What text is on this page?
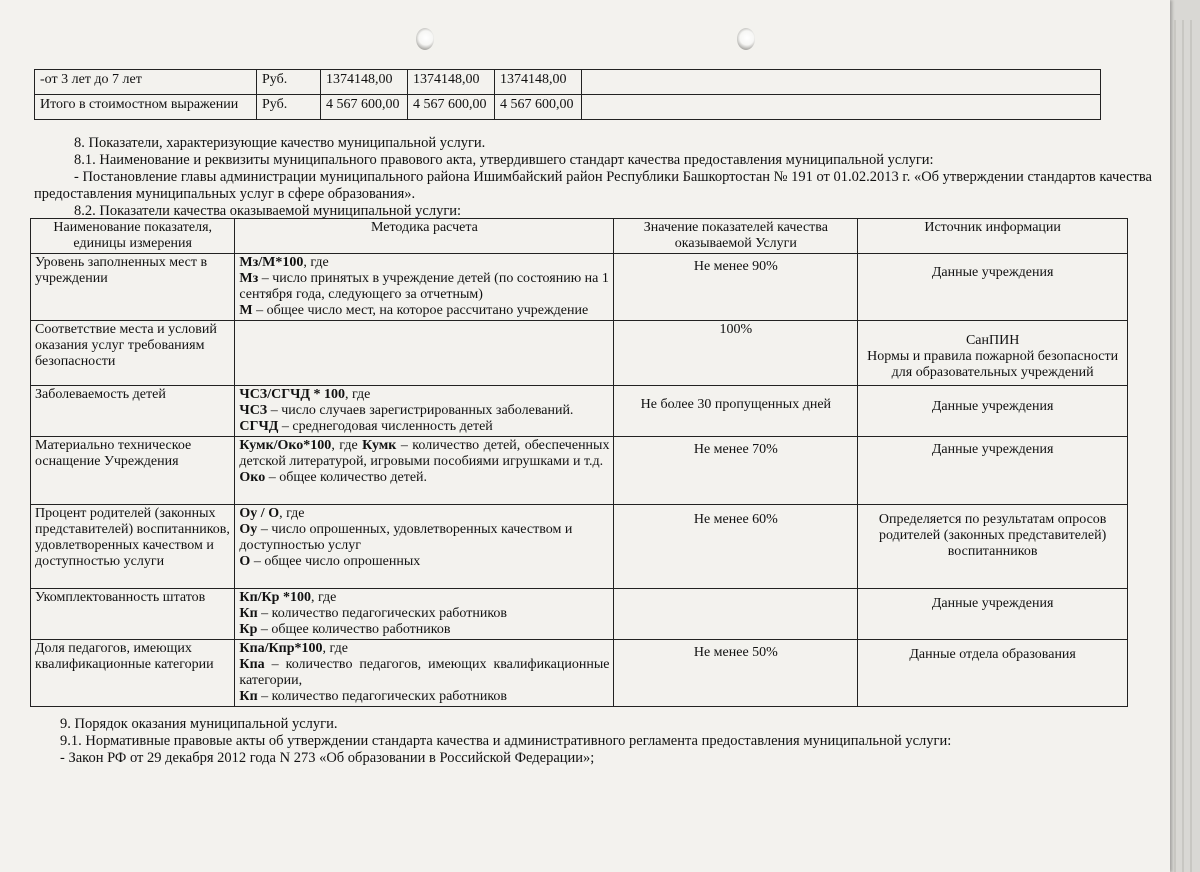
-от 3 лет до 7 лет	Руб.	1374148,00	1374148,00	1374148,00	
Итого в стоимостном выражении	Руб.	4 567 600,00	4 567 600,00	4 567 600,00	
8. Показатели, характеризующие качество муниципальной услуги.
8.1. Наименование и реквизиты муниципального правового акта, утвердившего стандарт качества предоставления муниципальной услуги:
- Постановление главы администрации муниципального района Ишимбайский район Республики Башкортостан № 191 от 01.02.2013 г. «Об утверждении стандартов качества
предоставления муниципальных услуг в сфере образования».
8.2. Показатели качества оказываемой муниципальной услуги:
Наименование показателя, единицы измерения	Методика расчета	Значение показателей качества оказываемой Услуги	Источник информации
Уровень заполненных мест в учреждении	Мз/М*100, где
Мз – число принятых в учреждение детей (по состоянию на 1 сентября года, следующего за отчетным)
М – общее число мест, на которое рассчитано учреждение	Не менее 90%	Данные учреждения

Соответствие места и условий оказания услуг требованиям безопасности		100%	СанПИН
Нормы и правила пожарной безопасности для образовательных учреждений

Заболеваемость детей	ЧСЗ/СГЧД * 100, где
ЧСЗ – число случаев зарегистрированных заболеваний.
СГЧД – среднегодовая численность детей	Не более 30 пропущенных дней	Данные учреждения

Материально техническое оснащение Учреждения	Кумк/Око*100, где Кумк – количество детей, обеспеченных детской литературой, игровыми пособиями игрушками и т.д.
Око – общее количество детей.	Не менее 70%	Данные учреждения

Процент родителей (законных представителей) воспитанников, удовлетворенных качеством и доступностью услуги	Оу / О, где
Оу – число опрошенных, удовлетворенных качеством и доступностью услуг
О – общее число опрошенных	Не менее 60%	Определяется по результатам опросов родителей (законных представителей) воспитанников

Укомплектованность штатов	Кп/Кр *100, где
Кп – количество педагогических работников
Кр – общее количество работников		Данные учреждения

Доля педагогов, имеющих квалификационные категории	Кпа/Кпр*100, где
Кпа – количество педагогов, имеющих квалификационные категории,
Кп – количество педагогических работников	Не менее 50%	Данные отдела образования
9. Порядок оказания муниципальной услуги.
9.1. Нормативные правовые акты об утверждении стандарта качества и административного регламента предоставления муниципальной услуги:
- Закон РФ от 29 декабря 2012 года N 273 «Об образовании в Российской Федерации»;
